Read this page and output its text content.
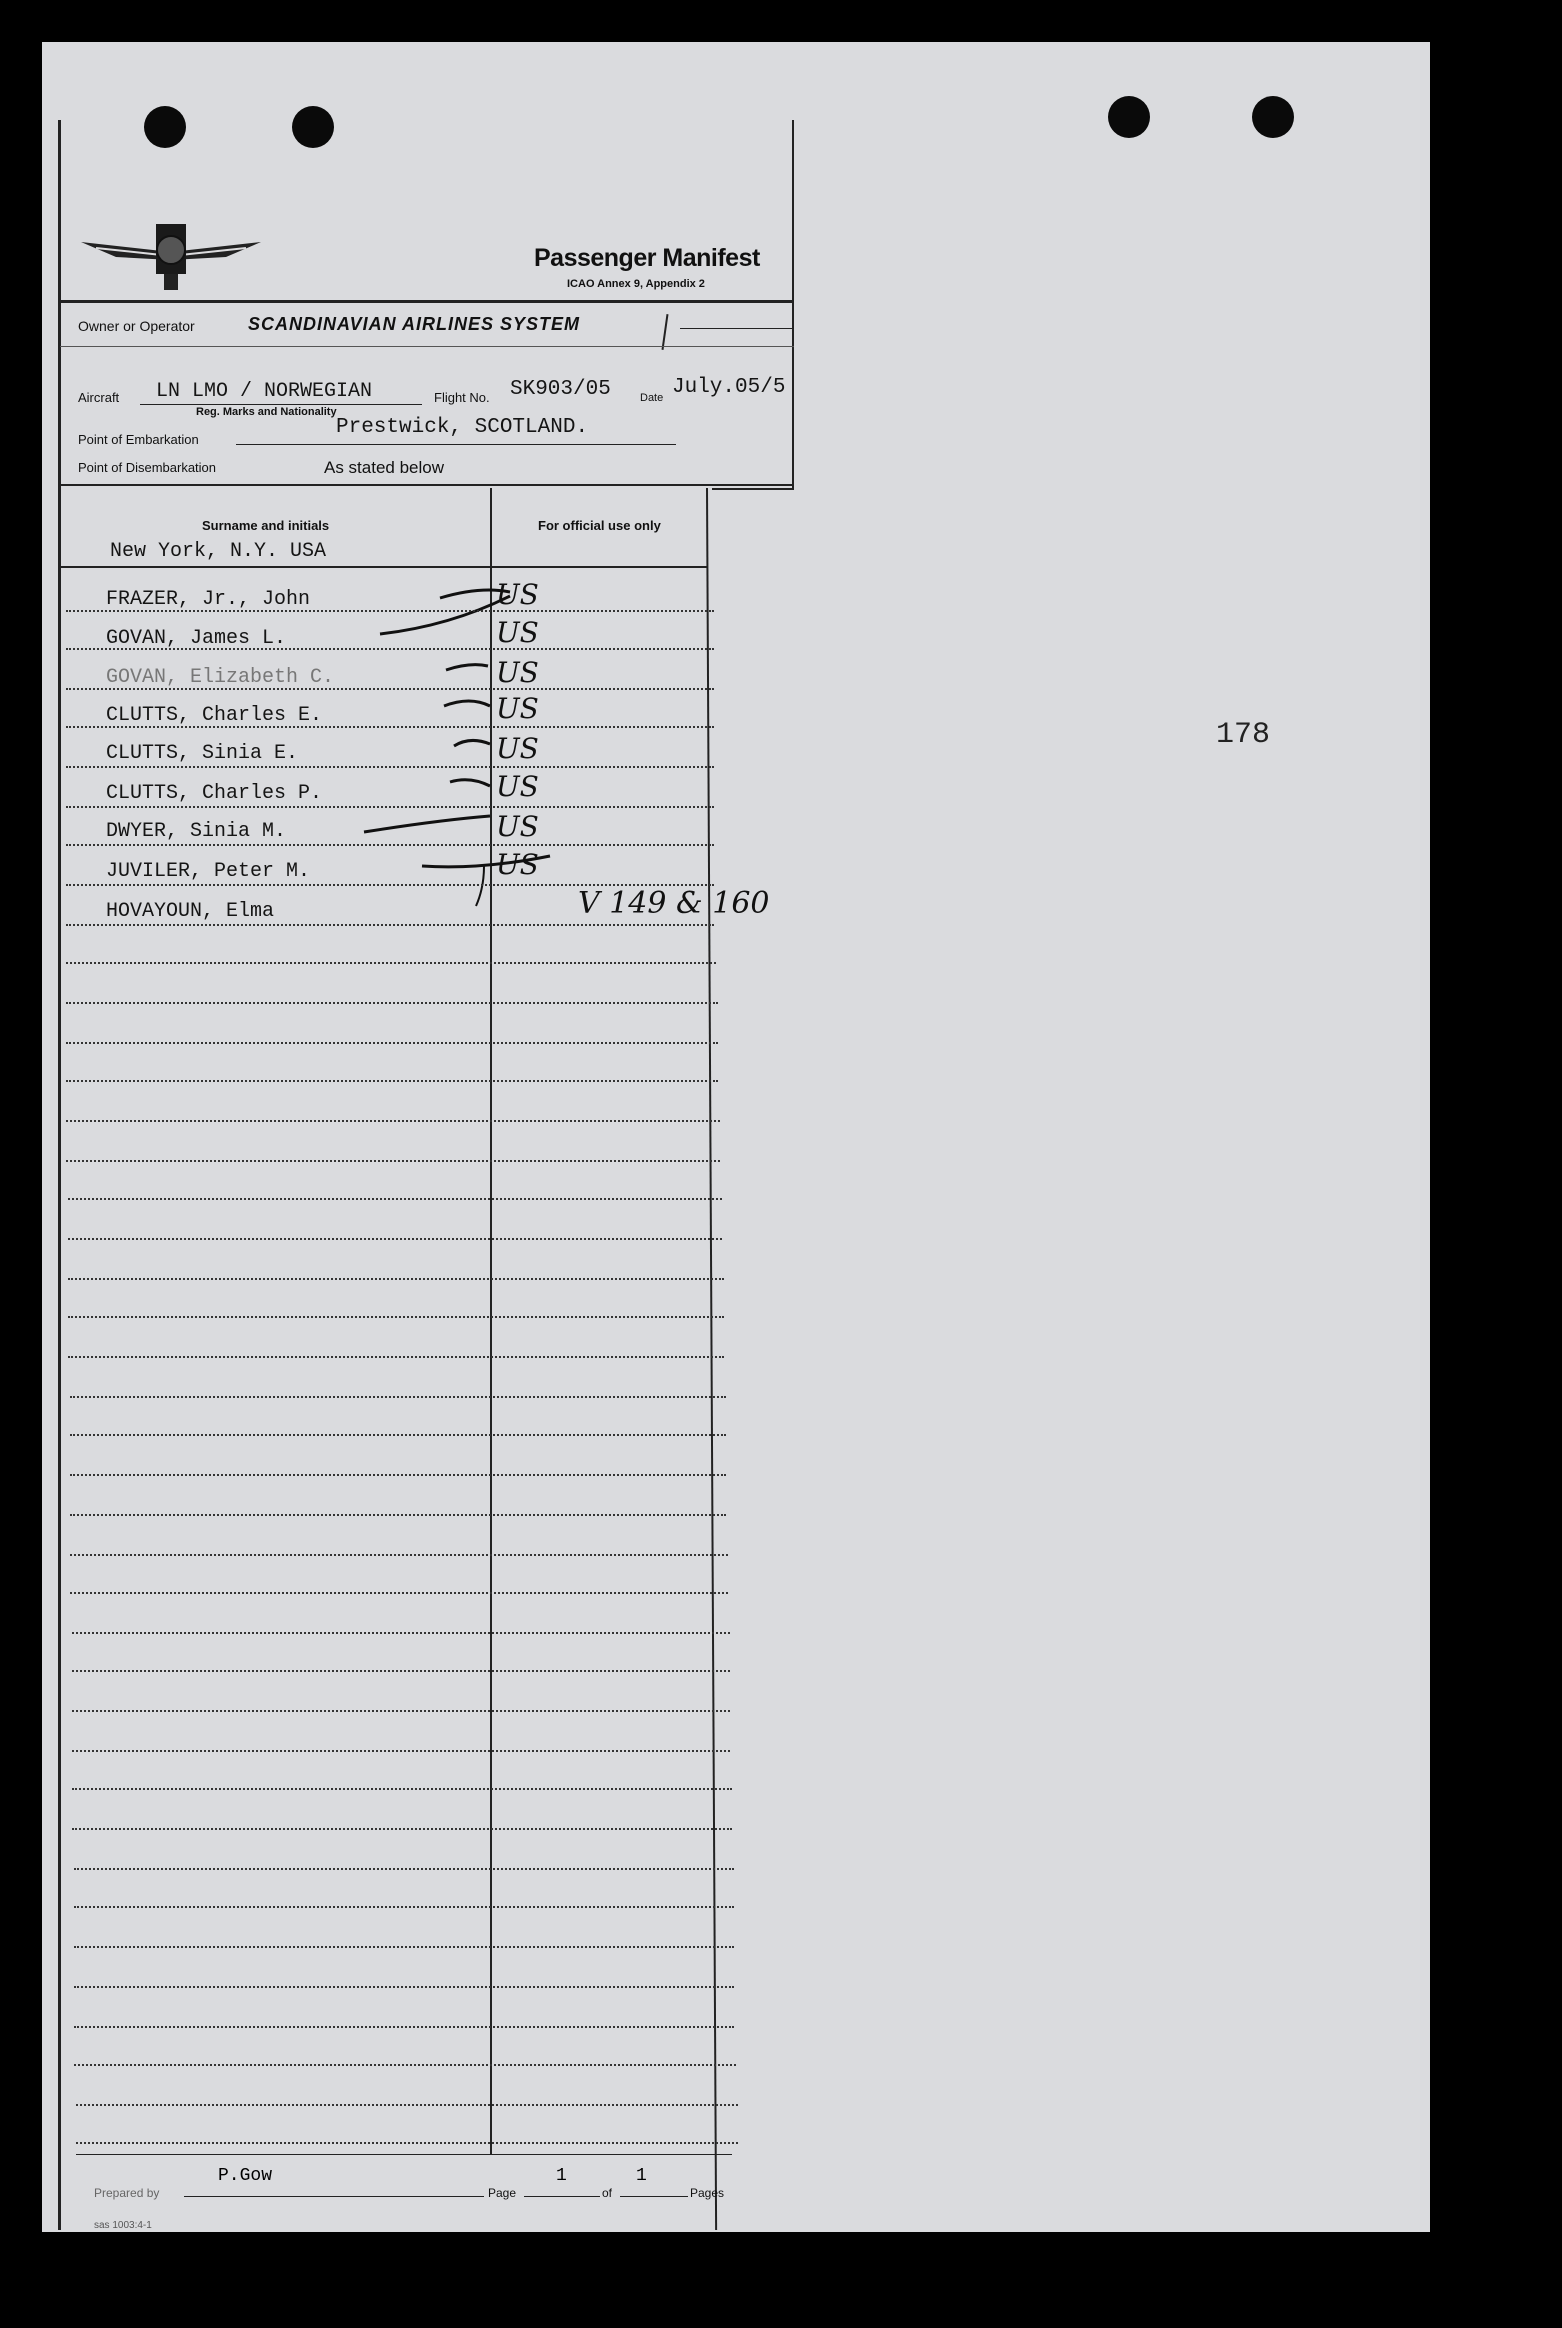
178
Passenger Manifest
ICAO Annex 9, Appendix 2
Owner or Operator	SCANDINAVIAN AIRLINES SYSTEM
Aircraft LN LMO / NORWEGIAN
Reg. Marks and Nationality
Flight No. SK903/05	Date July.05/5
Point of Embarkation
Prestwick, SCOTLAND.
Point of Disembarkation	As stated below
Surname and initials	For official use only
New York, N.Y. USA
FRAZER, Jr., John	US
GOVAN, James L.	US
GOVAN, Elizabeth C.	US
CLUTTS, Charles E.	US
CLUTTS, Sinia E.	US
CLUTTS, Charles P.	US
DWYER, Sinia M.	US
JUVILER, Peter M.	US
HOVAYOUN, Elma	V 149 & 160
Prepared by
P.Gow
Page
1
of
1
Pages
sas 1003:4-1
